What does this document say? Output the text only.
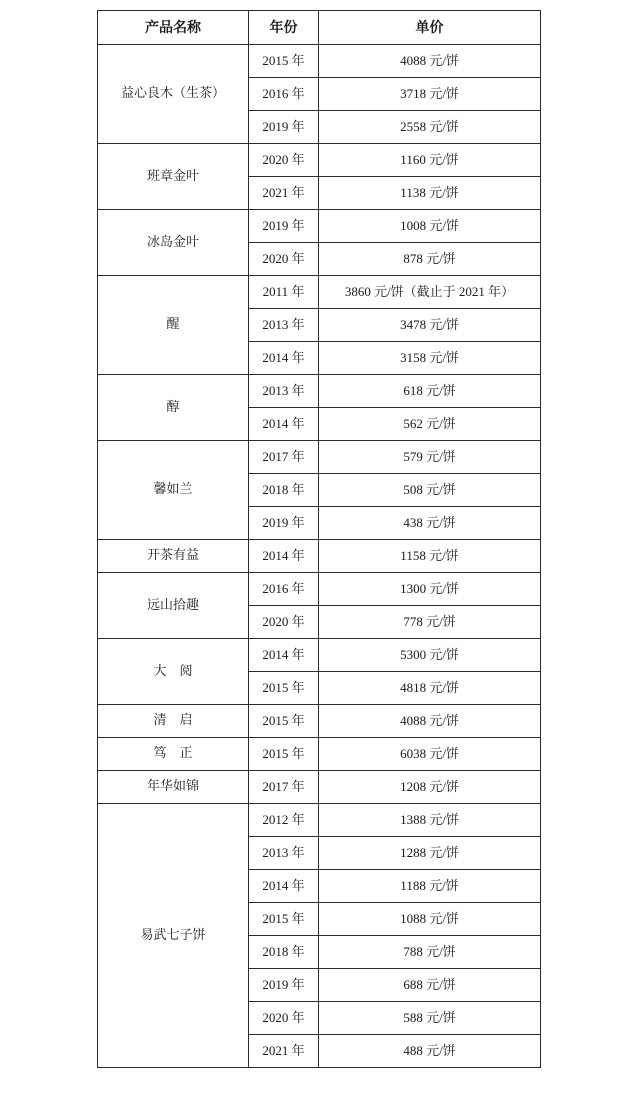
产品名称	年份	单价
益心良木（生茶）	2015 年	4088 元/饼
	2016 年	3718 元/饼
	2019 年	2558 元/饼
班章金叶	2020 年	1160 元/饼
	2021 年	1138 元/饼
冰岛金叶	2019 年	1008 元/饼
	2020 年	878 元/饼
醒	2011 年	3860 元/饼（截止于 2021 年）
	2013 年	3478 元/饼
	2014 年	3158 元/饼
醇	2013 年	618 元/饼
	2014 年	562 元/饼
馨如兰	2017 年	579 元/饼
	2018 年	508 元/饼
	2019 年	438 元/饼
开茶有益	2014 年	1158 元/饼
远山拾趣	2016 年	1300 元/饼
	2020 年	778 元/饼
大　阅	2014 年	5300 元/饼
	2015 年	4818 元/饼
清　启	2015 年	4088 元/饼
笃　正	2015 年	6038 元/饼
年华如锦	2017 年	1208 元/饼
易武七子饼	2012 年	1388 元/饼
	2013 年	1288 元/饼
	2014 年	1188 元/饼
	2015 年	1088 元/饼
	2018 年	788 元/饼
	2019 年	688 元/饼
	2020 年	588 元/饼
	2021 年	488 元/饼
